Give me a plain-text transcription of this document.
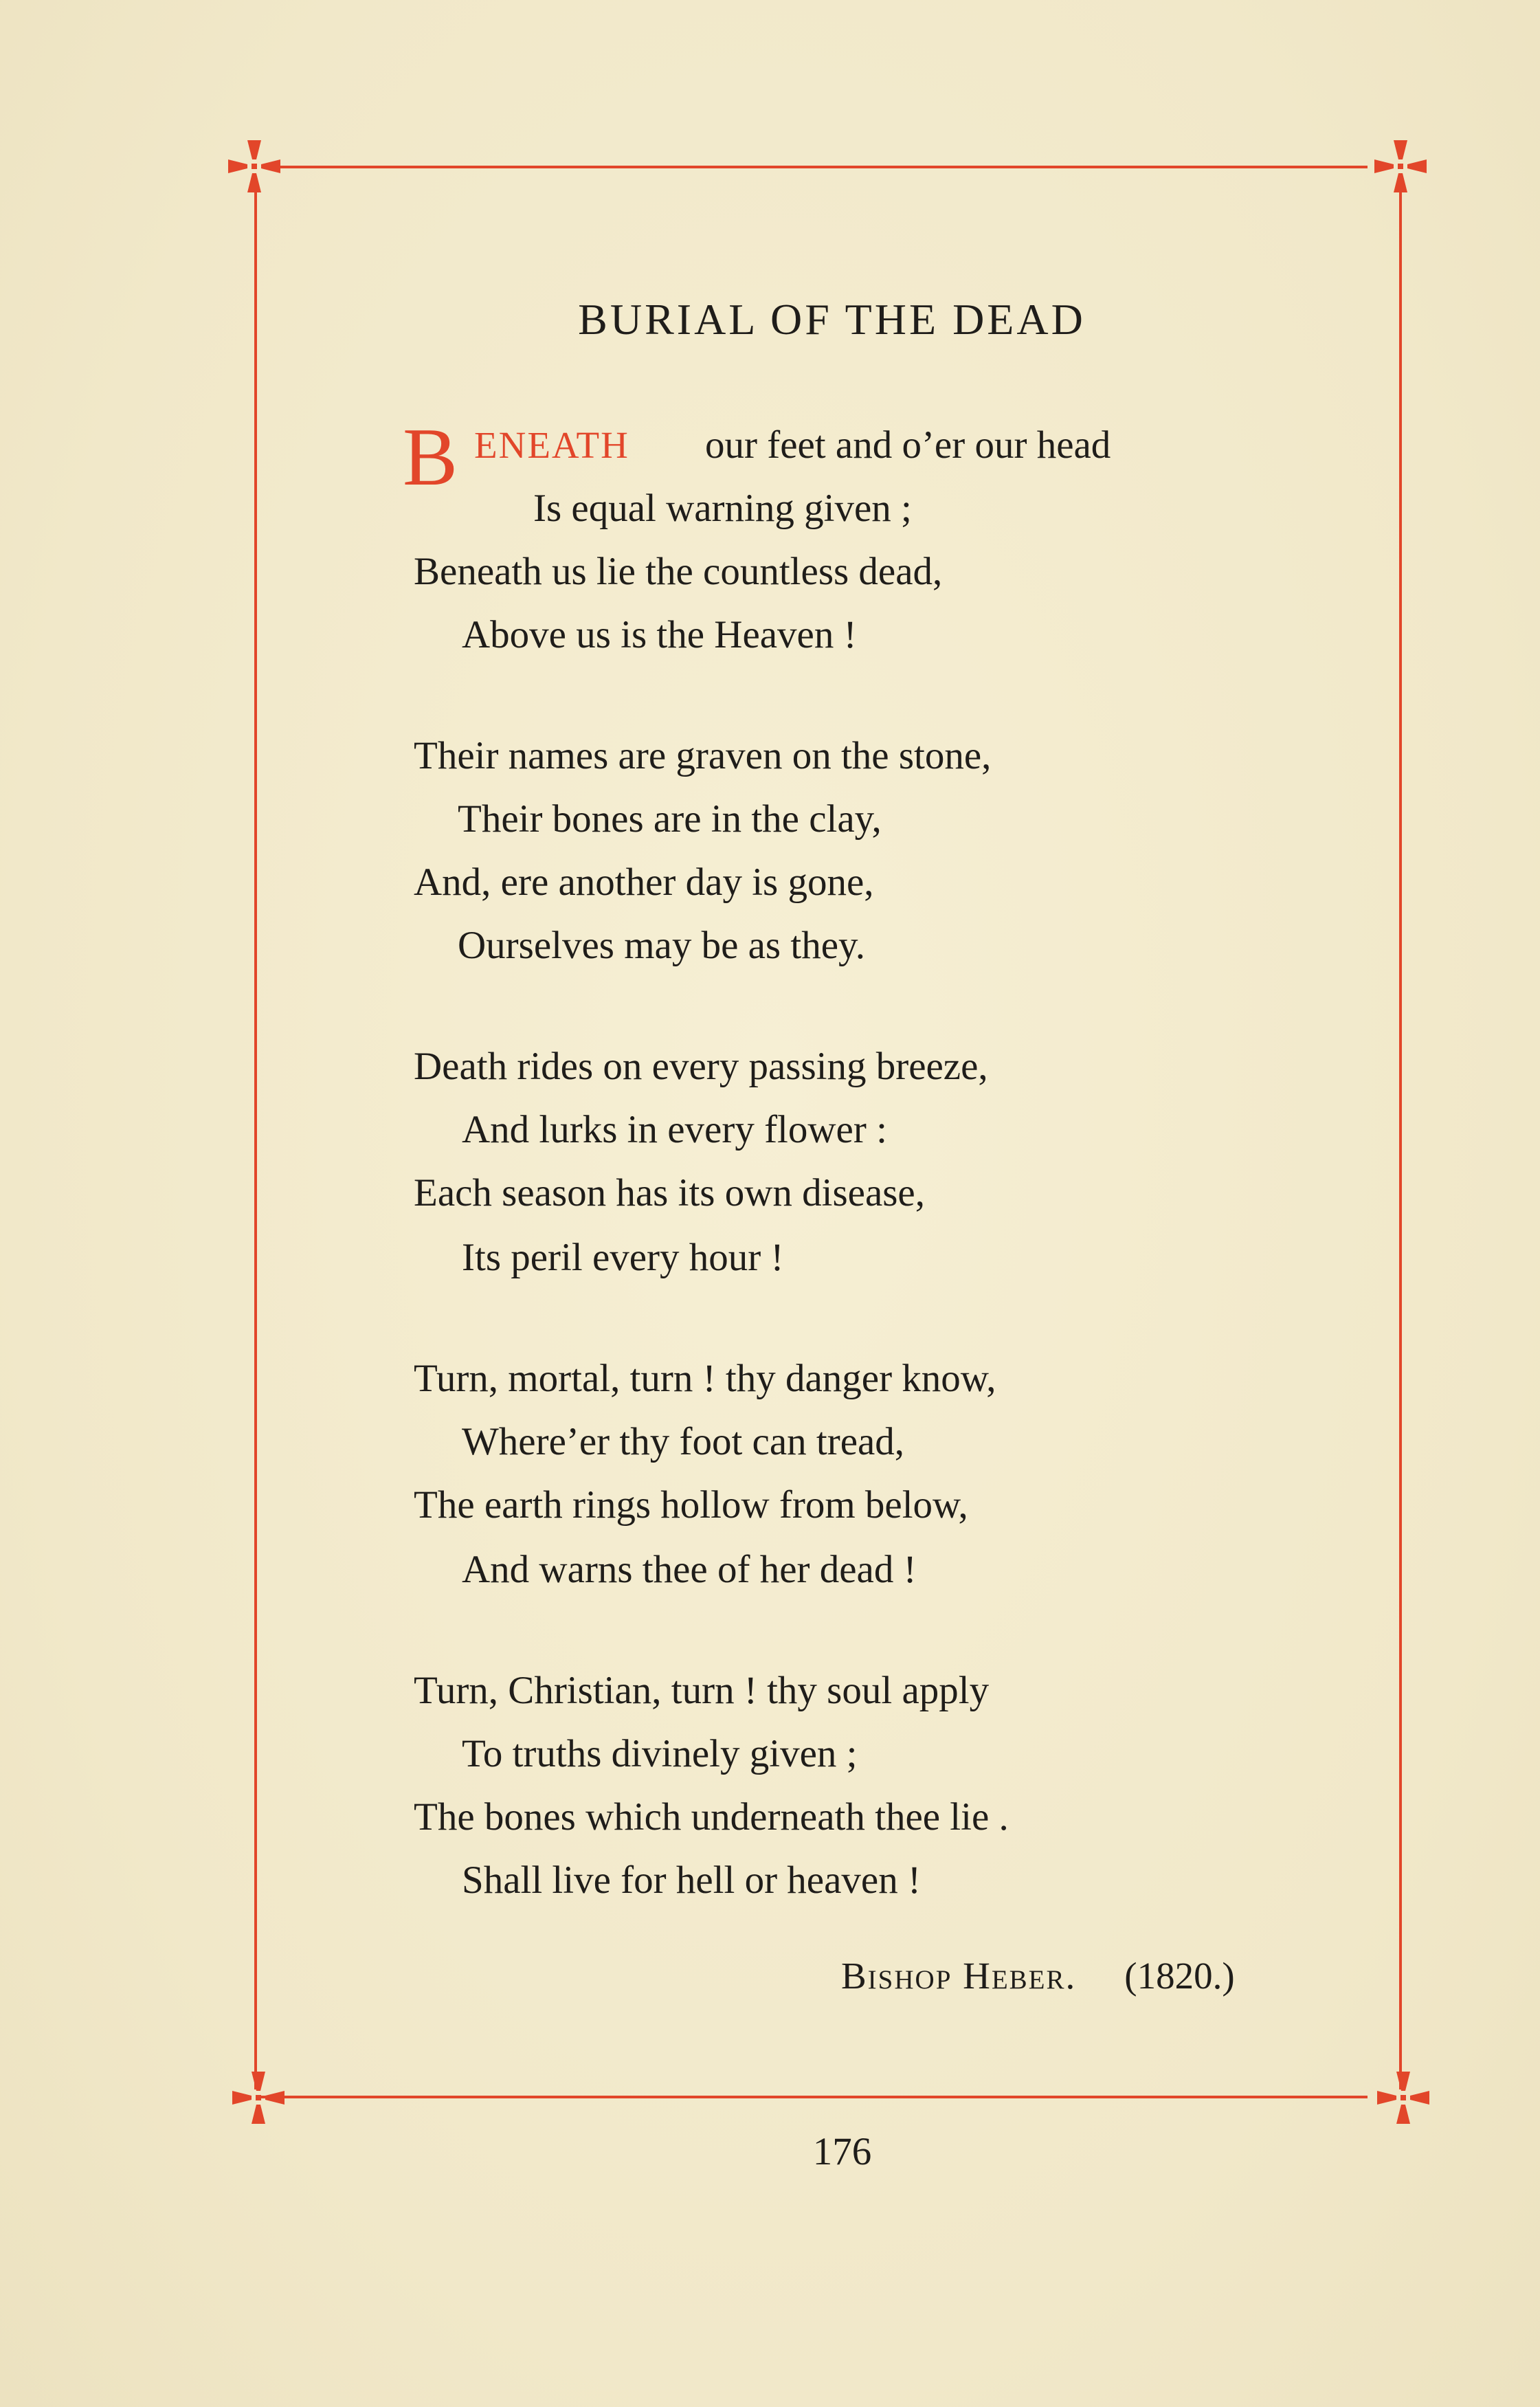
BURIAL OF THE DEAD
B ENEATH our feet and o’er our head
Is equal warning given ;
Beneath us lie the countless dead,
Above us is the Heaven !
Their names are graven on the stone,
Their bones are in the clay,
And, ere another day is gone,
Ourselves may be as they.
Death rides on every passing breeze,
And lurks in every flower :
Each season has its own disease,
Its peril every hour !
Turn, mortal, turn ! thy danger know,
Where’er thy foot can tread,
The earth rings hollow from below,
And warns thee of her dead !
Turn, Christian, turn ! thy soul apply
To truths divinely given ;
The bones which underneath thee lie .
Shall live for hell or heaven !
Bishop Heber. (1820.)
176
